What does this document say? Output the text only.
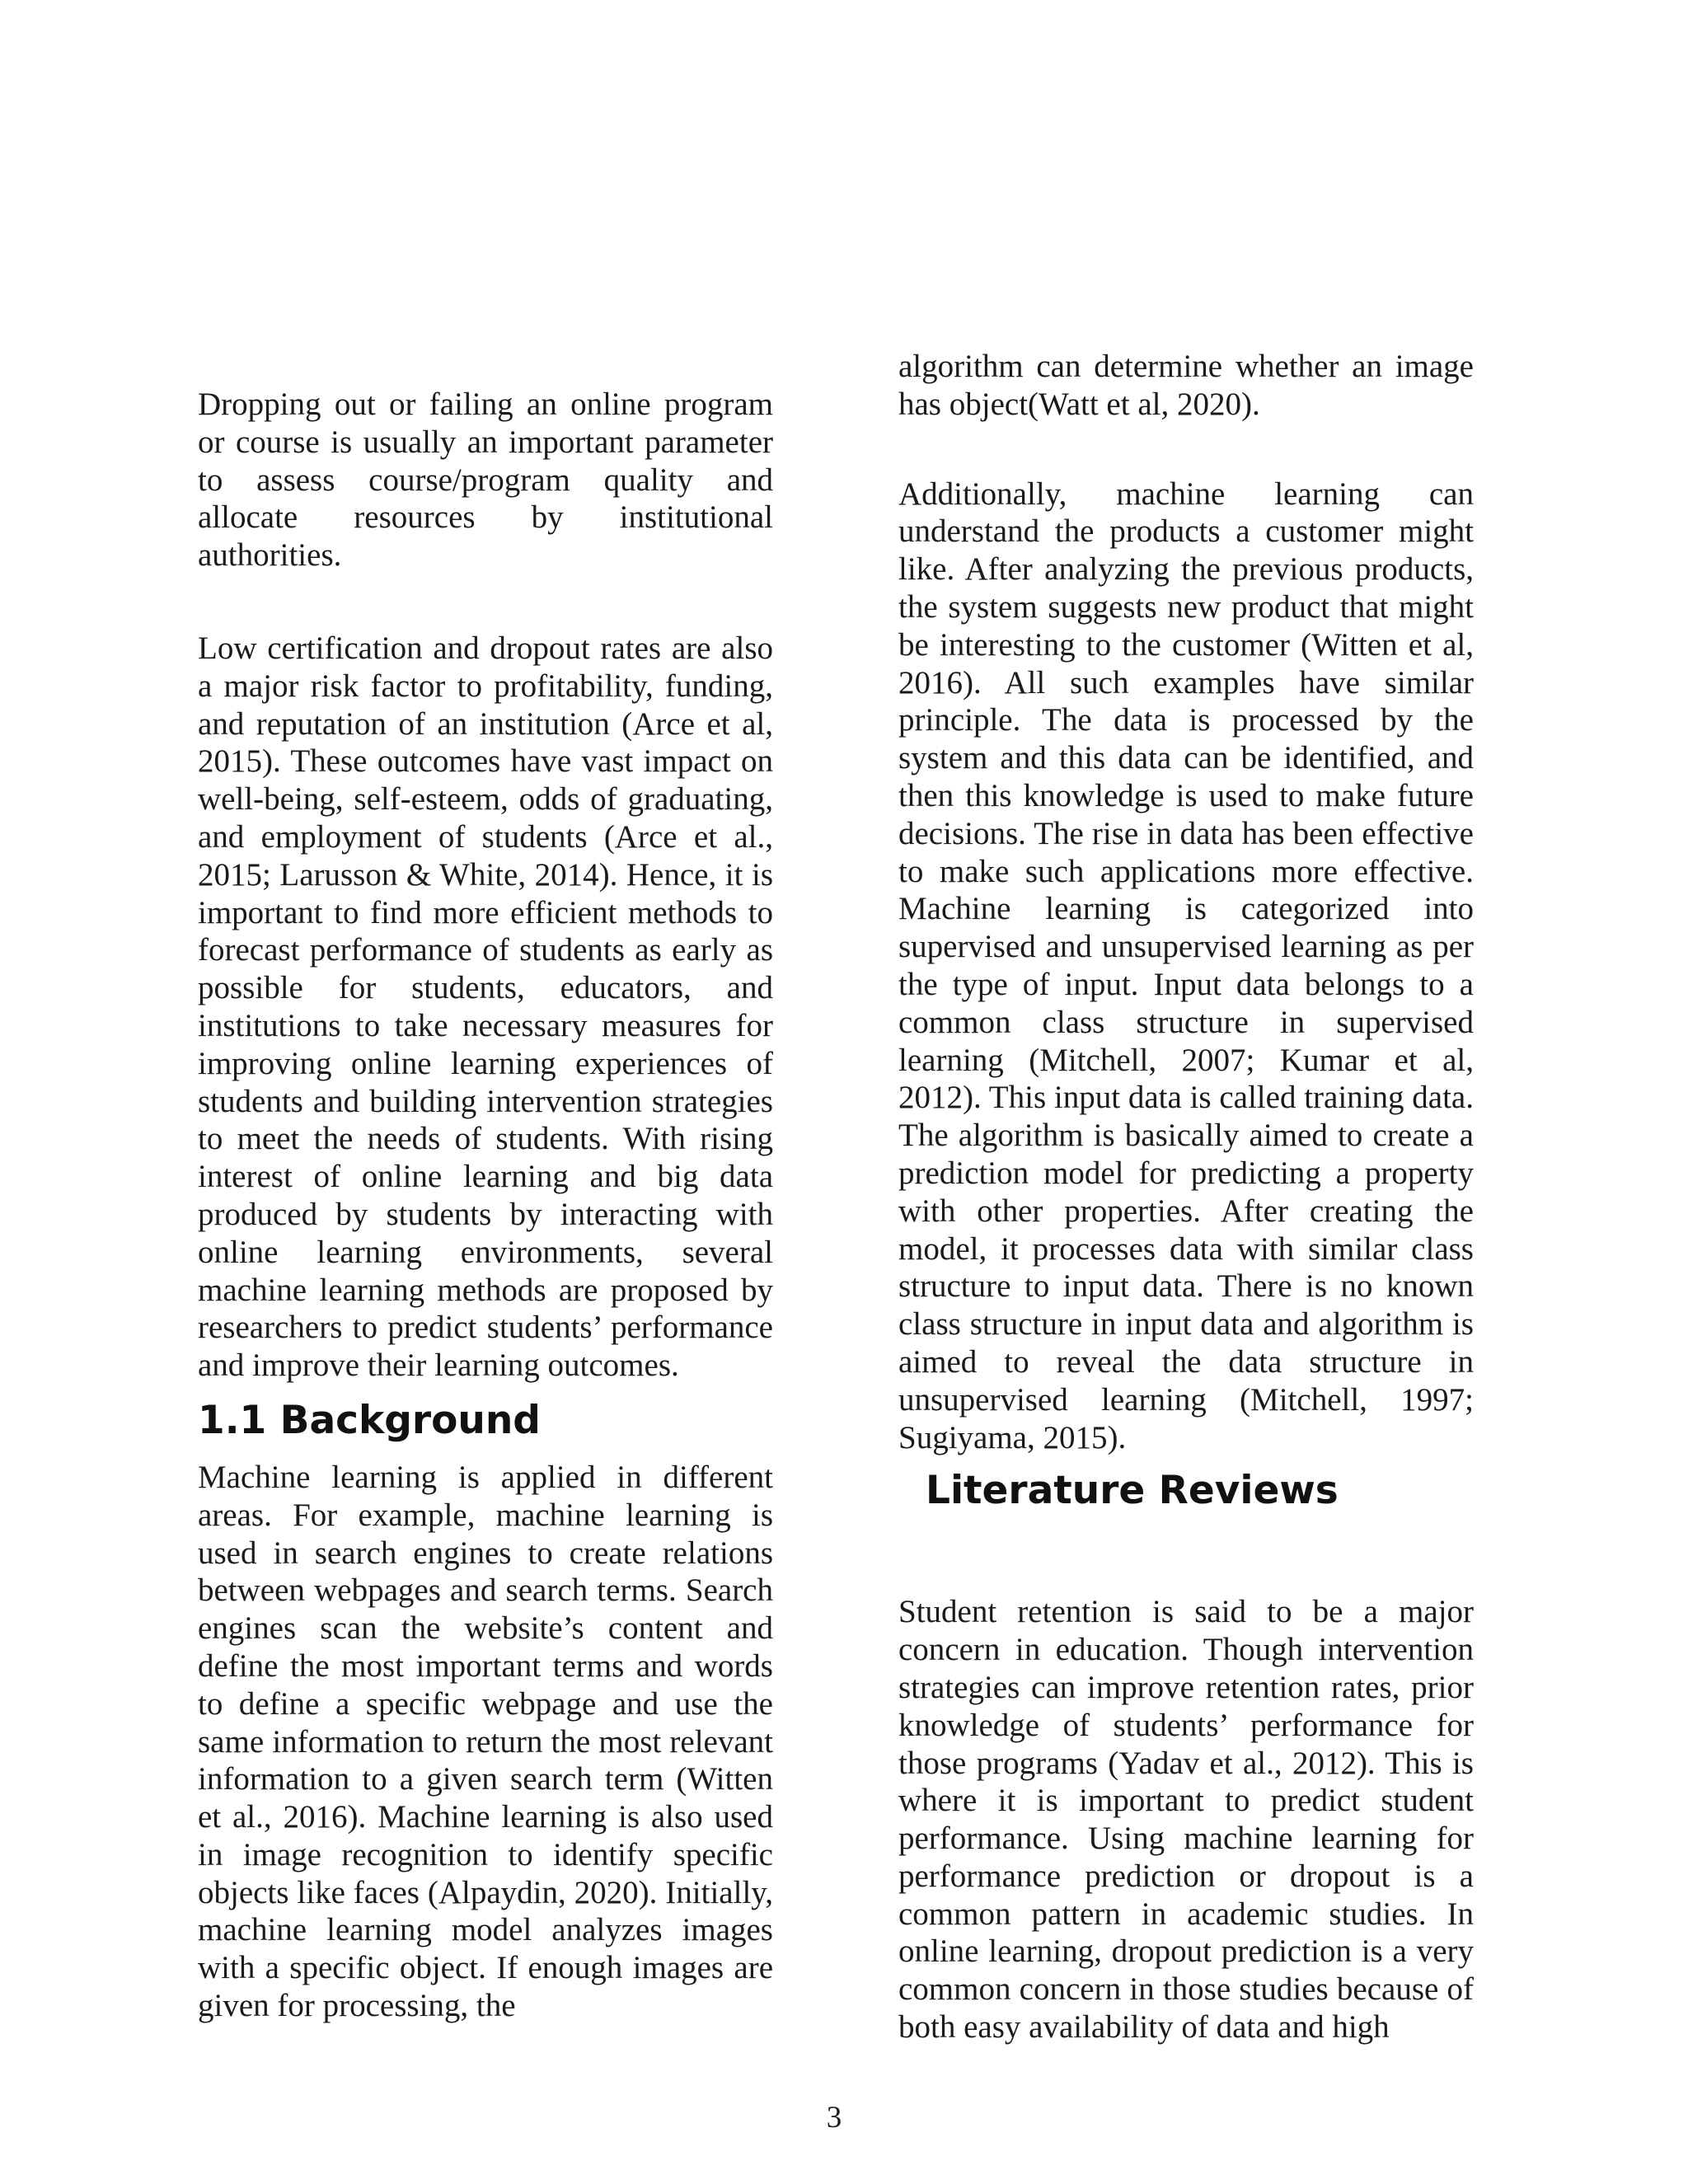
Dropping out or failing an online program or course is usually an important parameter to assess course/program quality and allocate resources by institutional authorities.

Low certification and dropout rates are also a major risk factor to profitability, funding, and reputation of an institution (Arce et al, 2015). These outcomes have vast impact on well-being, self-esteem, odds of graduating, and employment of students (Arce et al., 2015; Larusson & White, 2014). Hence, it is important to find more efficient methods to forecast performance of students as early as possible for students, educators, and institutions to take necessary measures for improving online learning experiences of students and building intervention strategies to meet the needs of students. With rising interest of online learning and big data produced by students by interacting with online learning environments, several machine learning methods are proposed by researchers to predict students’ performance and improve their learning outcomes.

1.1 Background

Machine learning is applied in different areas. For example, machine learning is used in search engines to create relations between webpages and search terms. Search engines scan the website’s content and define the most important terms and words to define a specific webpage and use the same information to return the most relevant information to a given search term (Witten et al., 2016). Machine learning is also used in image recognition to identify specific objects like faces (Alpaydin, 2020). Initially, machine learning model analyzes images with a specific object. If enough images are given for processing, the

algorithm can determine whether an image has object(Watt et al, 2020).

Additionally, machine learning can understand the products a customer might like. After analyzing the previous products, the system suggests new product that might be interesting to the customer (Witten et al, 2016). All such examples have similar principle. The data is processed by the system and this data can be identified, and then this knowledge is used to make future decisions. The rise in data has been effective to make such applications more effective. Machine learning is categorized into supervised and unsupervised learning as per the type of input. Input data belongs to a common class structure in supervised learning (Mitchell, 2007; Kumar et al, 2012). This input data is called training data. The algorithm is basically aimed to create a prediction model for predicting a property with other properties. After creating the model, it processes data with similar class structure to input data. There is no known class structure in input data and algorithm is aimed to reveal the data structure in unsupervised learning (Mitchell, 1997; Sugiyama, 2015).

Literature Reviews

Student retention is said to be a major concern in education. Though intervention strategies can improve retention rates, prior knowledge of students’ performance for those programs (Yadav et al., 2012). This is where it is important to predict student performance. Using machine learning for performance prediction or dropout is a common pattern in academic studies. In online learning, dropout prediction is a very common concern in those studies because of both easy availability of data and high

3
